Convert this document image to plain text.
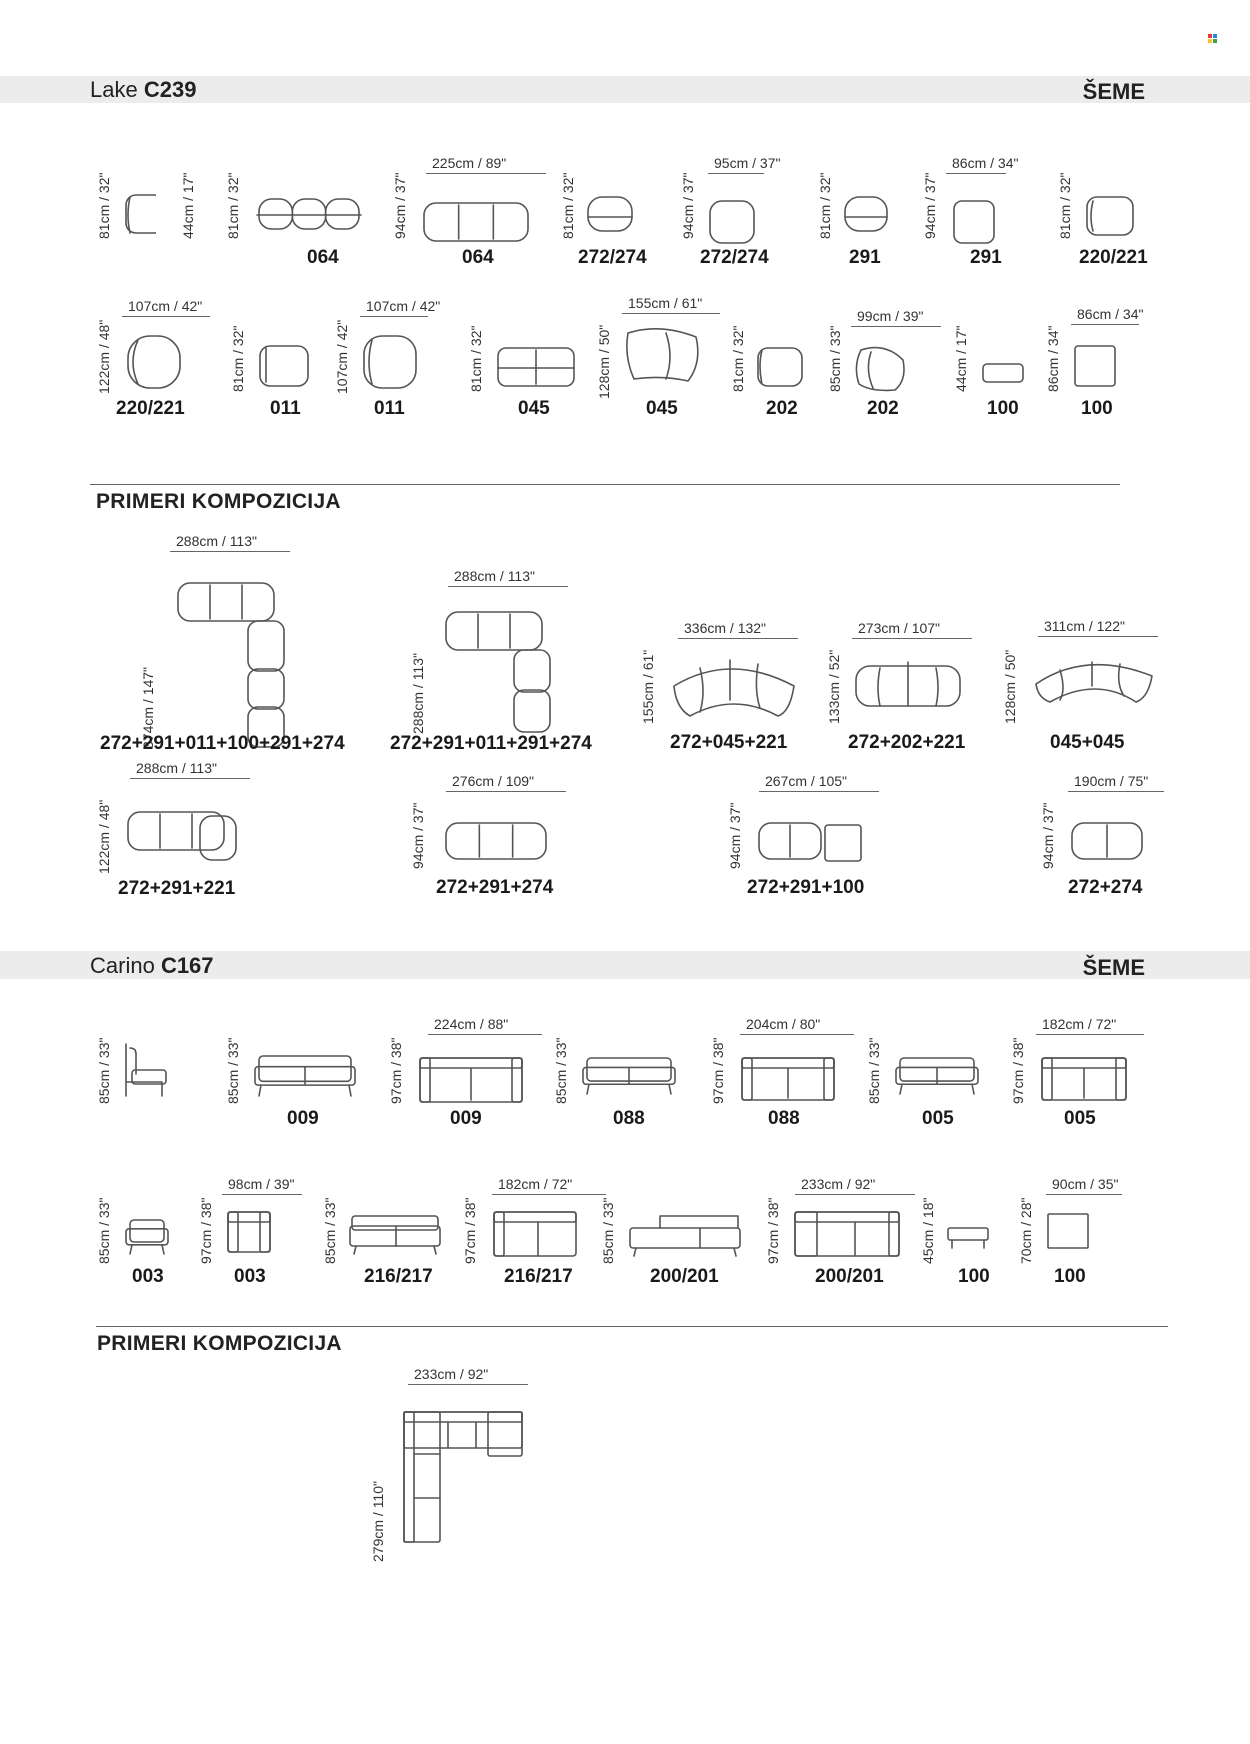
Lake C239	ŠEME
PRIMERI KOMPOZICIJA
Carino C167	ŠEME
PRIMERI KOMPOZICIJA
81cm / 32"	44cm / 17" 81cm / 32"
064
94cm / 37"
225cm / 89"
064
81cm / 32"
272/274
94cm / 37"
95cm / 37"
272/274
81cm / 32"
291
94cm / 37"
86cm / 34"
291
81cm / 32"
220/221
122cm / 48"
107cm / 42"
220/221
81cm / 32"
011
107cm / 42"
107cm / 42"
011
81cm / 32"
045
128cm / 50"
155cm / 61"
045
81cm / 32"
202
85cm / 33"
99cm / 39"
202
44cm / 17"
100
86cm / 34"
86cm / 34"
100
374cm / 147"
288cm / 113"
272+291+011+100+291+274
288cm / 113"
288cm / 113"
272+291+011+291+274
155cm / 61"
336cm / 132"
272+045+221
133cm / 52"
273cm / 107"
272+202+221
128cm / 50"
311cm / 122"
045+045
122cm / 48"
288cm / 113"
272+291+221
94cm / 37"
276cm / 109"
272+291+274
94cm / 37"
267cm / 105"
272+291+100
94cm / 37"
190cm / 75"
272+274
85cm / 33"	85cm / 33"
009
97cm / 38"
224cm / 88"
009
85cm / 33"
088
97cm / 38"
204cm / 80"
088
85cm / 33"
005
97cm / 38"
182cm / 72"
005
85cm / 33"
003
97cm / 38"
98cm / 39"
003
85cm / 33"
216/217
97cm / 38"
182cm / 72"
216/217
85cm / 33"
200/201
97cm / 38"
233cm / 92"
200/201
45cm / 18"
100
70cm / 28"
90cm / 35"
100
279cm / 110"
233cm / 92"
